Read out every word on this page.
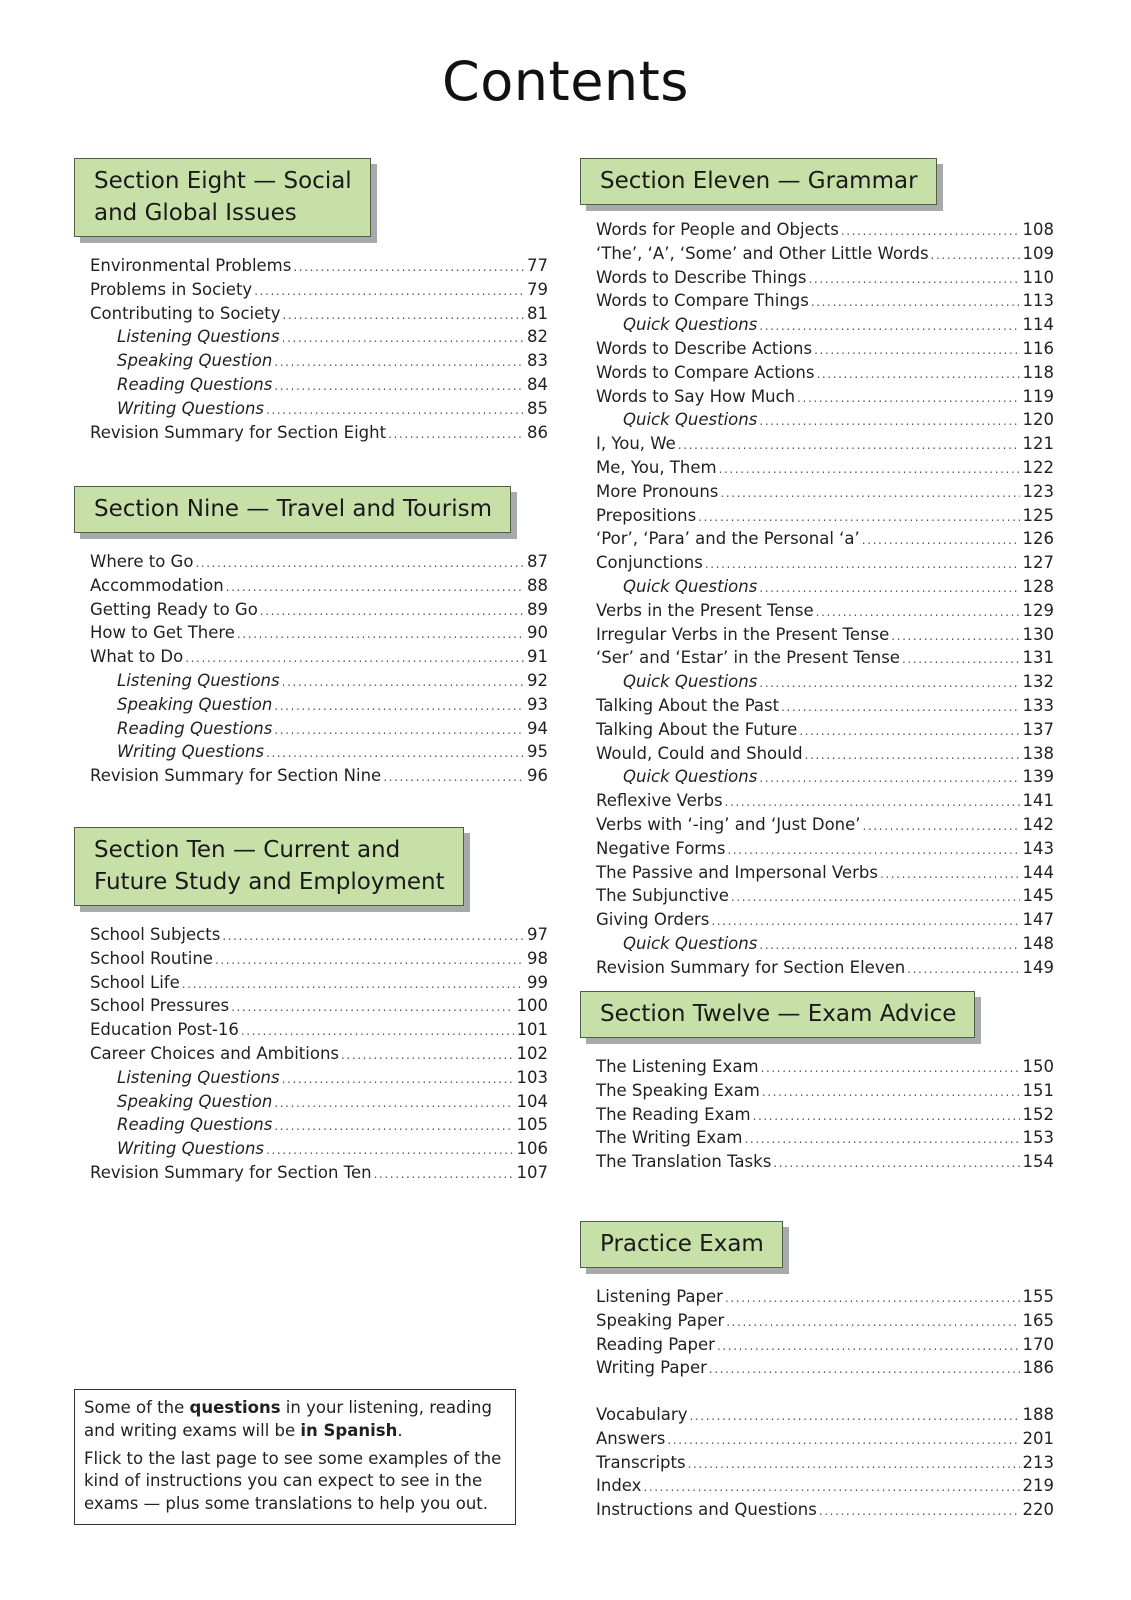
Contents
Section Eight — Social
and Global Issues
Environmental Problems .....	77
Problems in Society .....	79
Contributing to Society .....	81
Listening Questions .....	82
Speaking Question .....	83
Reading Questions .....	84
Writing Questions .....	85
Revision Summary for Section Eight .....	86
Section Nine — Travel and Tourism
Where to Go .....	87
Accommodation .....	88
Getting Ready to Go .....	89
How to Get There .....	90
What to Do .....	91
Listening Questions .....	92
Speaking Question .....	93
Reading Questions .....	94
Writing Questions .....	95
Revision Summary for Section Nine .....	96
Section Ten — Current and
Future Study and Employment
School Subjects .....	97
School Routine .....	98
School Life .....	99
School Pressures .....	100
Education Post-16 .....	101
Career Choices and Ambitions .....	102
Listening Questions .....	103
Speaking Question .....	104
Reading Questions .....	105
Writing Questions .....	106
Revision Summary for Section Ten .....	107
Section Eleven — Grammar
Words for People and Objects .....	108
‘The’, ‘A’, ‘Some’ and Other Little Words .....	109
Words to Describe Things .....	110
Words to Compare Things .....	113
Quick Questions .....	114
Words to Describe Actions .....	116
Words to Compare Actions .....	118
Words to Say How Much .....	119
Quick Questions .....	120
I, You, We .....	121
Me, You, Them .....	122
More Pronouns .....	123
Prepositions .....	125
‘Por’, ‘Para’ and the Personal ‘a’ .....	126
Conjunctions .....	127
Quick Questions .....	128
Verbs in the Present Tense .....	129
Irregular Verbs in the Present Tense .....	130
‘Ser’ and ‘Estar’ in the Present Tense .....	131
Quick Questions .....	132
Talking About the Past .....	133
Talking About the Future .....	137
Would, Could and Should .....	138
Quick Questions .....	139
Reflexive Verbs .....	141
Verbs with ‘-ing’ and ‘Just Done’ .....	142
Negative Forms .....	143
The Passive and Impersonal Verbs .....	144
The Subjunctive .....	145
Giving Orders .....	147
Quick Questions .....	148
Revision Summary for Section Eleven .....	149
Section Twelve — Exam Advice
The Listening Exam .....	150
The Speaking Exam .....	151
The Reading Exam .....	152
The Writing Exam .....	153
The Translation Tasks .....	154
Practice Exam
Listening Paper .....	155
Speaking Paper .....	165
Reading Paper .....	170
Writing Paper .....	186
Vocabulary .....	188
Answers .....	201
Transcripts .....	213
Index .....	219
Instructions and Questions .....	220

Some of the questions in your listening, reading and writing exams will be in Spanish.

Flick to the last page to see some examples of the kind of instructions you can expect to see in the exams — plus some translations to help you out.
